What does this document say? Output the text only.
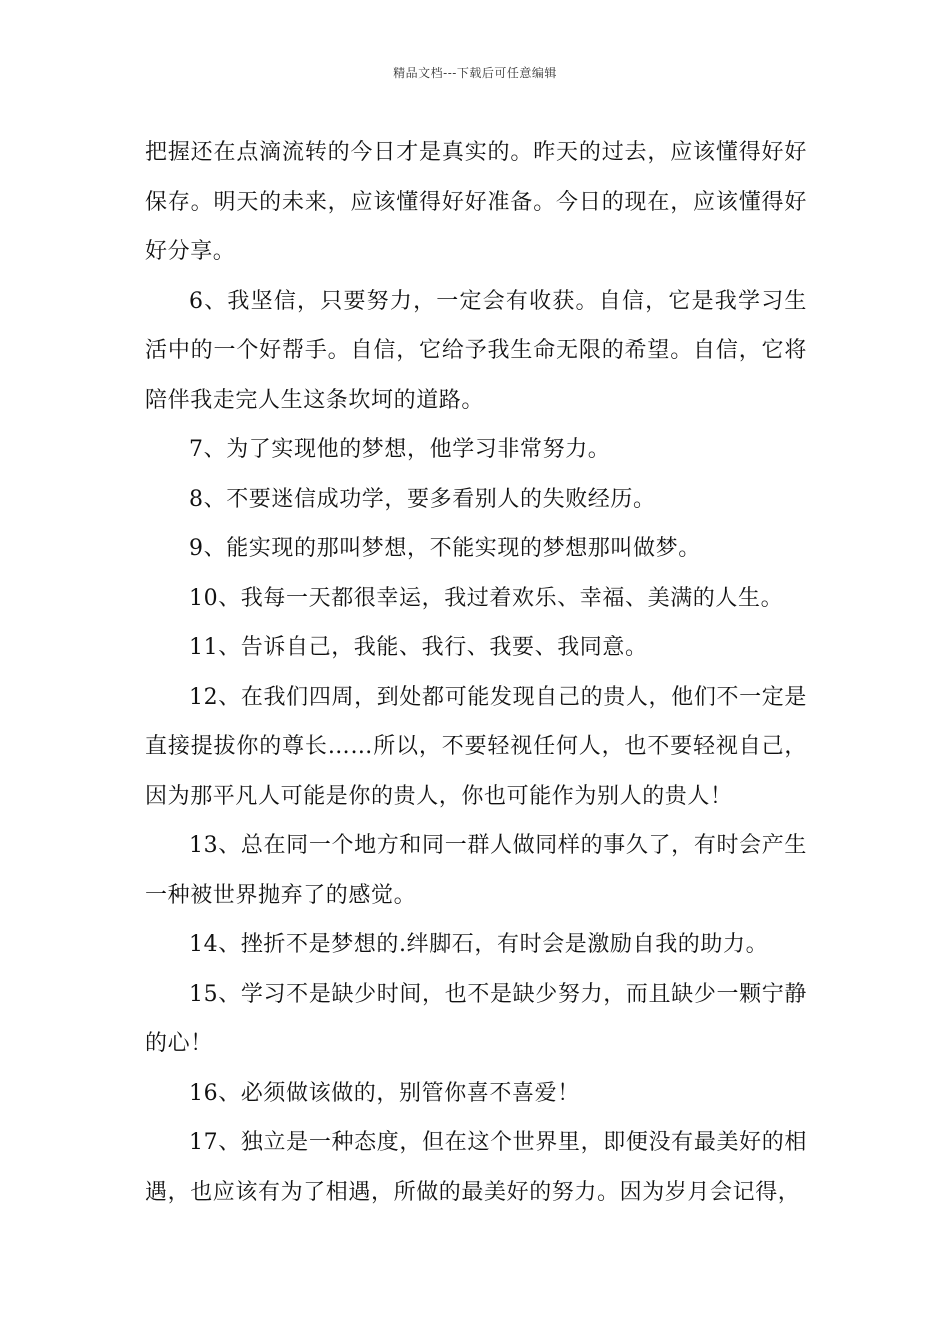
精品文档---下载后可任意编辑

把握还在点滴流转的今日才是真实的。昨天的过去，应该懂得好好保存。明天的未来，应该懂得好好准备。今日的现在，应该懂得好好分享。

6、我坚信，只要努力，一定会有收获。自信，它是我学习生活中的一个好帮手。自信，它给予我生命无限的希望。自信，它将陪伴我走完人生这条坎坷的道路。

7、为了实现他的梦想，他学习非常努力。

8、不要迷信成功学，要多看别人的失败经历。

9、能实现的那叫梦想，不能实现的梦想那叫做梦。

10、我每一天都很幸运，我过着欢乐、幸福、美满的人生。

11、告诉自己，我能、我行、我要、我同意。

12、在我们四周，到处都可能发现自己的贵人，他们不一定是直接提拔你的尊长……所以，不要轻视任何人，也不要轻视自己，因为那平凡人可能是你的贵人，你也可能作为别人的贵人！

13、总在同一个地方和同一群人做同样的事久了，有时会产生一种被世界抛弃了的感觉。

14、挫折不是梦想的.绊脚石，有时会是激励自我的助力。

15、学习不是缺少时间，也不是缺少努力，而且缺少一颗宁静的心！

16、必须做该做的，别管你喜不喜爱！

17、独立是一种态度，但在这个世界里，即便没有最美好的相遇，也应该有为了相遇，所做的最美好的努力。因为岁月会记得，
